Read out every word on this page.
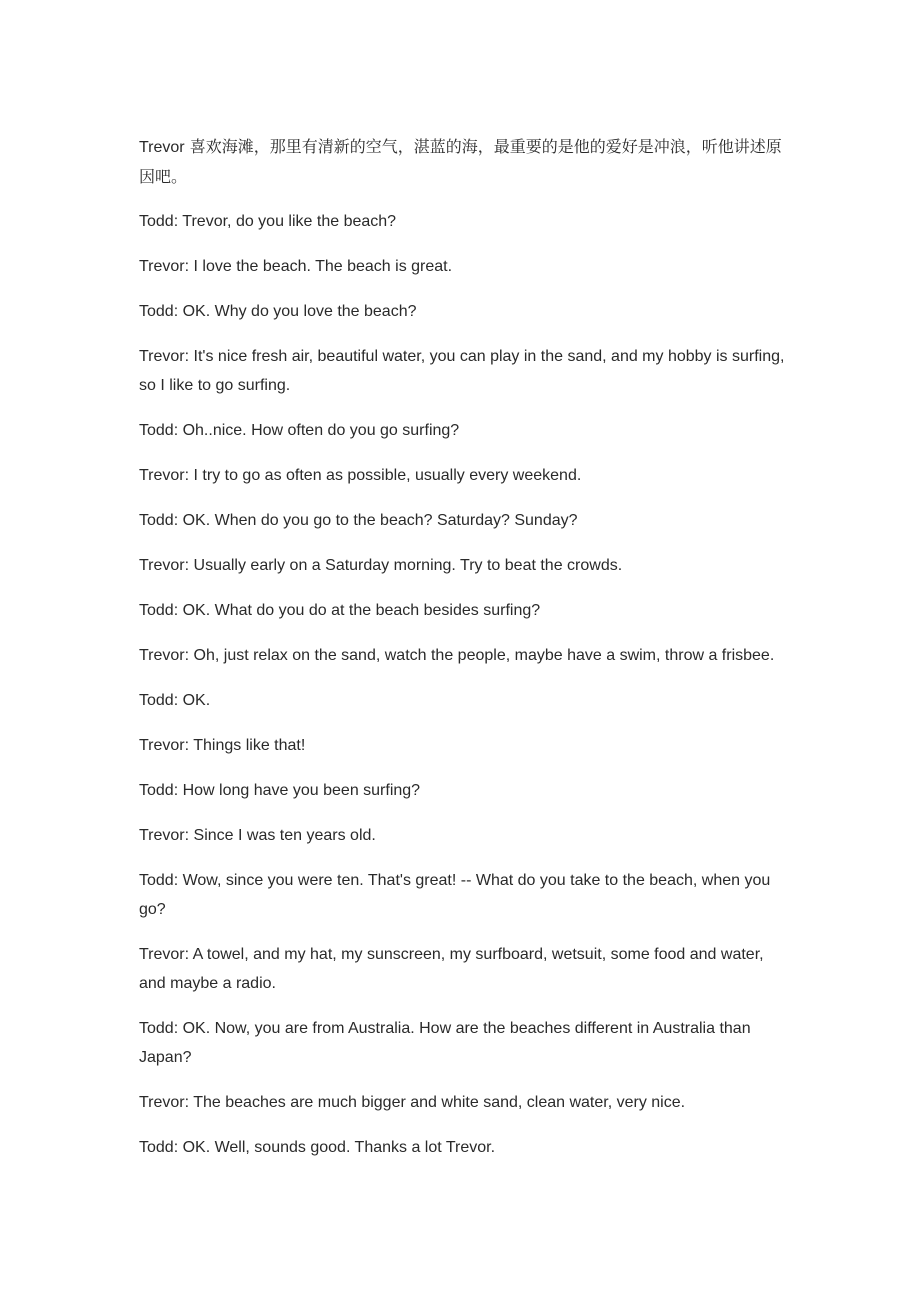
Trevor 喜欢海滩，那里有清新的空气，湛蓝的海，最重要的是他的爱好是冲浪，听他讲述原因吧。

Todd: Trevor, do you like the beach?

Trevor: I love the beach. The beach is great.

Todd: OK. Why do you love the beach?

Trevor: It's nice fresh air, beautiful water, you can play in the sand, and my hobby is surfing, so I like to go surfing.

Todd: Oh..nice. How often do you go surfing?

Trevor: I try to go as often as possible, usually every weekend.

Todd: OK. When do you go to the beach? Saturday? Sunday?

Trevor: Usually early on a Saturday morning. Try to beat the crowds.

Todd: OK. What do you do at the beach besides surfing?

Trevor: Oh, just relax on the sand, watch the people, maybe have a swim, throw a frisbee.

Todd: OK.

Trevor: Things like that!

Todd: How long have you been surfing?

Trevor: Since I was ten years old.

Todd: Wow, since you were ten. That's great! -- What do you take to the beach, when you go?

Trevor: A towel, and my hat, my sunscreen, my surfboard, wetsuit, some food and water, and maybe a radio.

Todd: OK. Now, you are from Australia. How are the beaches different in Australia than Japan?

Trevor: The beaches are much bigger and white sand, clean water, very nice.

Todd: OK. Well, sounds good. Thanks a lot Trevor.
